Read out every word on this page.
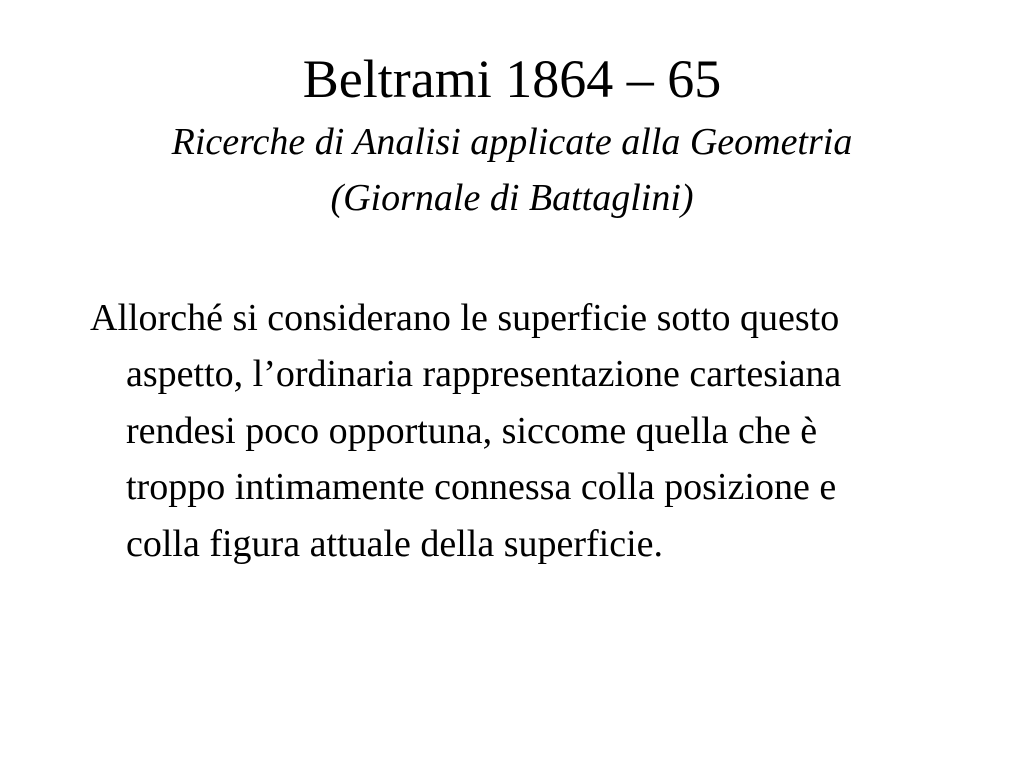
Beltrami 1864 – 65
Ricerche di Analisi applicate alla Geometria
(Giornale di Battaglini)

Allorché si considerano le superficie sotto questo aspetto, l’ordinaria rappresentazione cartesiana rendesi poco opportuna, siccome quella che è troppo intimamente connessa colla posizione e colla figura attuale della superficie.
